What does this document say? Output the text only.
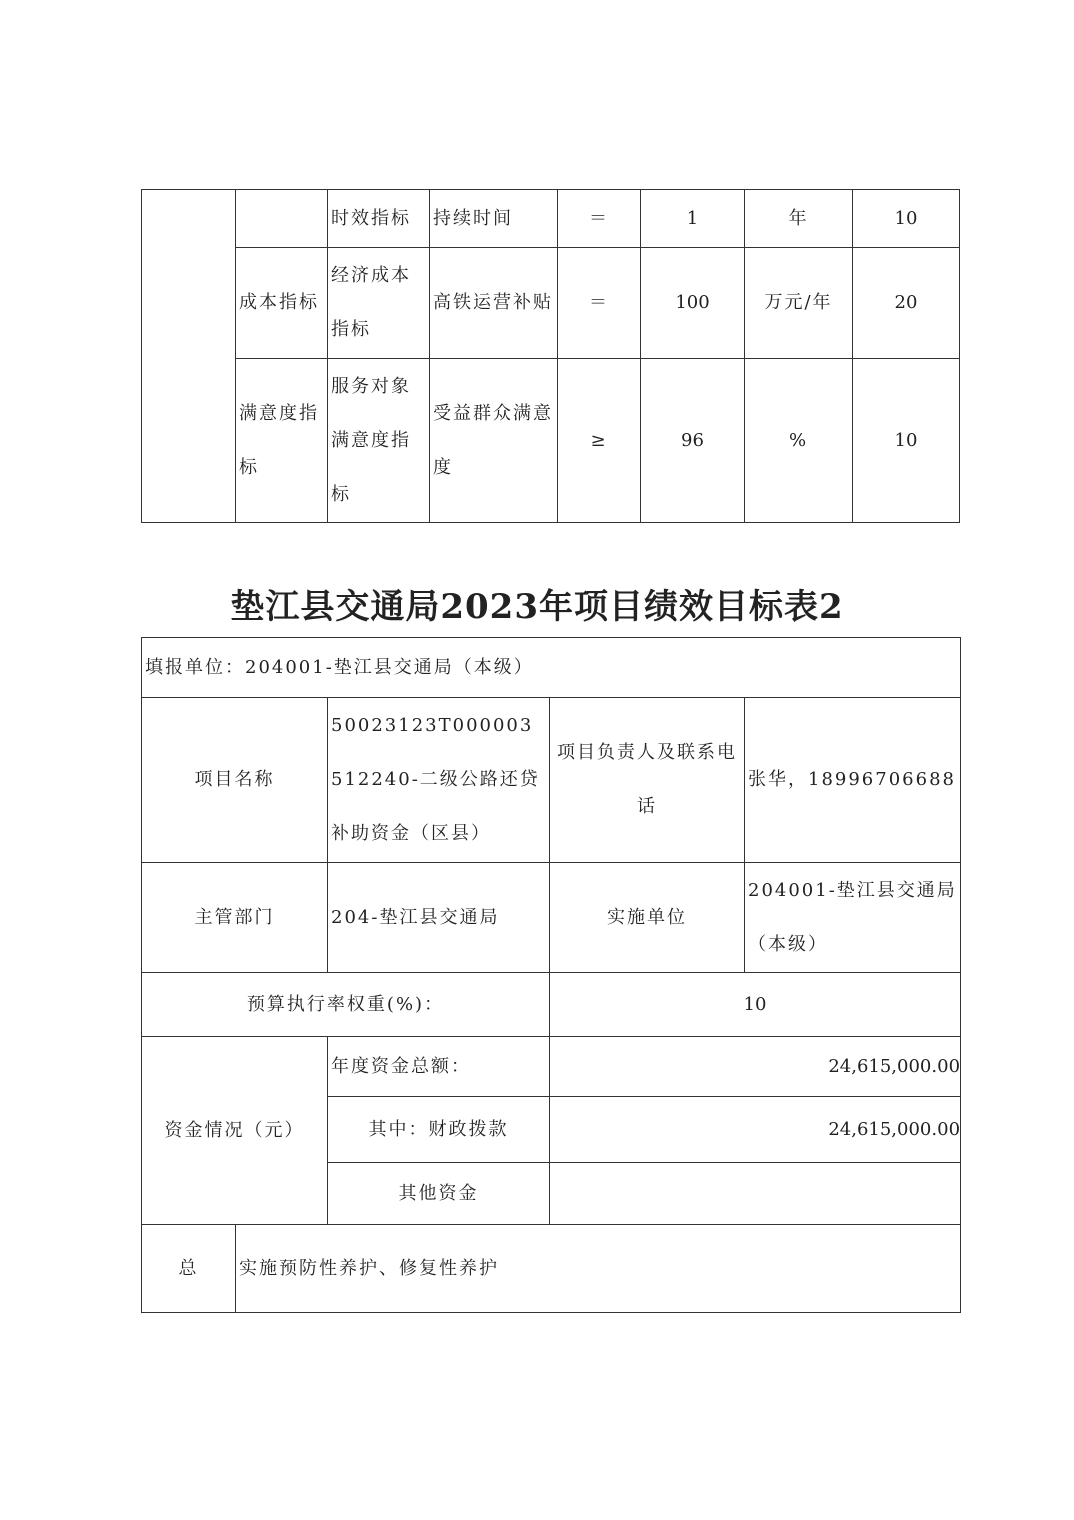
		时效指标	持续时间	＝	1	年	10
	成本指标	经济成本指标	高铁运营补贴	＝	100	万元/年	20
	满意度指标	服务对象满意度指标	受益群众满意度	≥	96	%	10
垫江县交通局2023年项目绩效目标表2
填报单位：204001-垫江县交通局（本级）				
项目名称		50023123T000003512240-二级公路还贷补助资金（区县）	项目负责人及联系电话	张华，18996706688
主管部门		204-垫江县交通局	实施单位	204001-垫江县交通局（本级）
预算执行率权重(%)：			10	
资金情况（元）		年度资金总额：	24,615,000.00	
		其中：财政拨款	24,615,000.00	
		其他资金		
总	实施预防性养护、修复性养护			
